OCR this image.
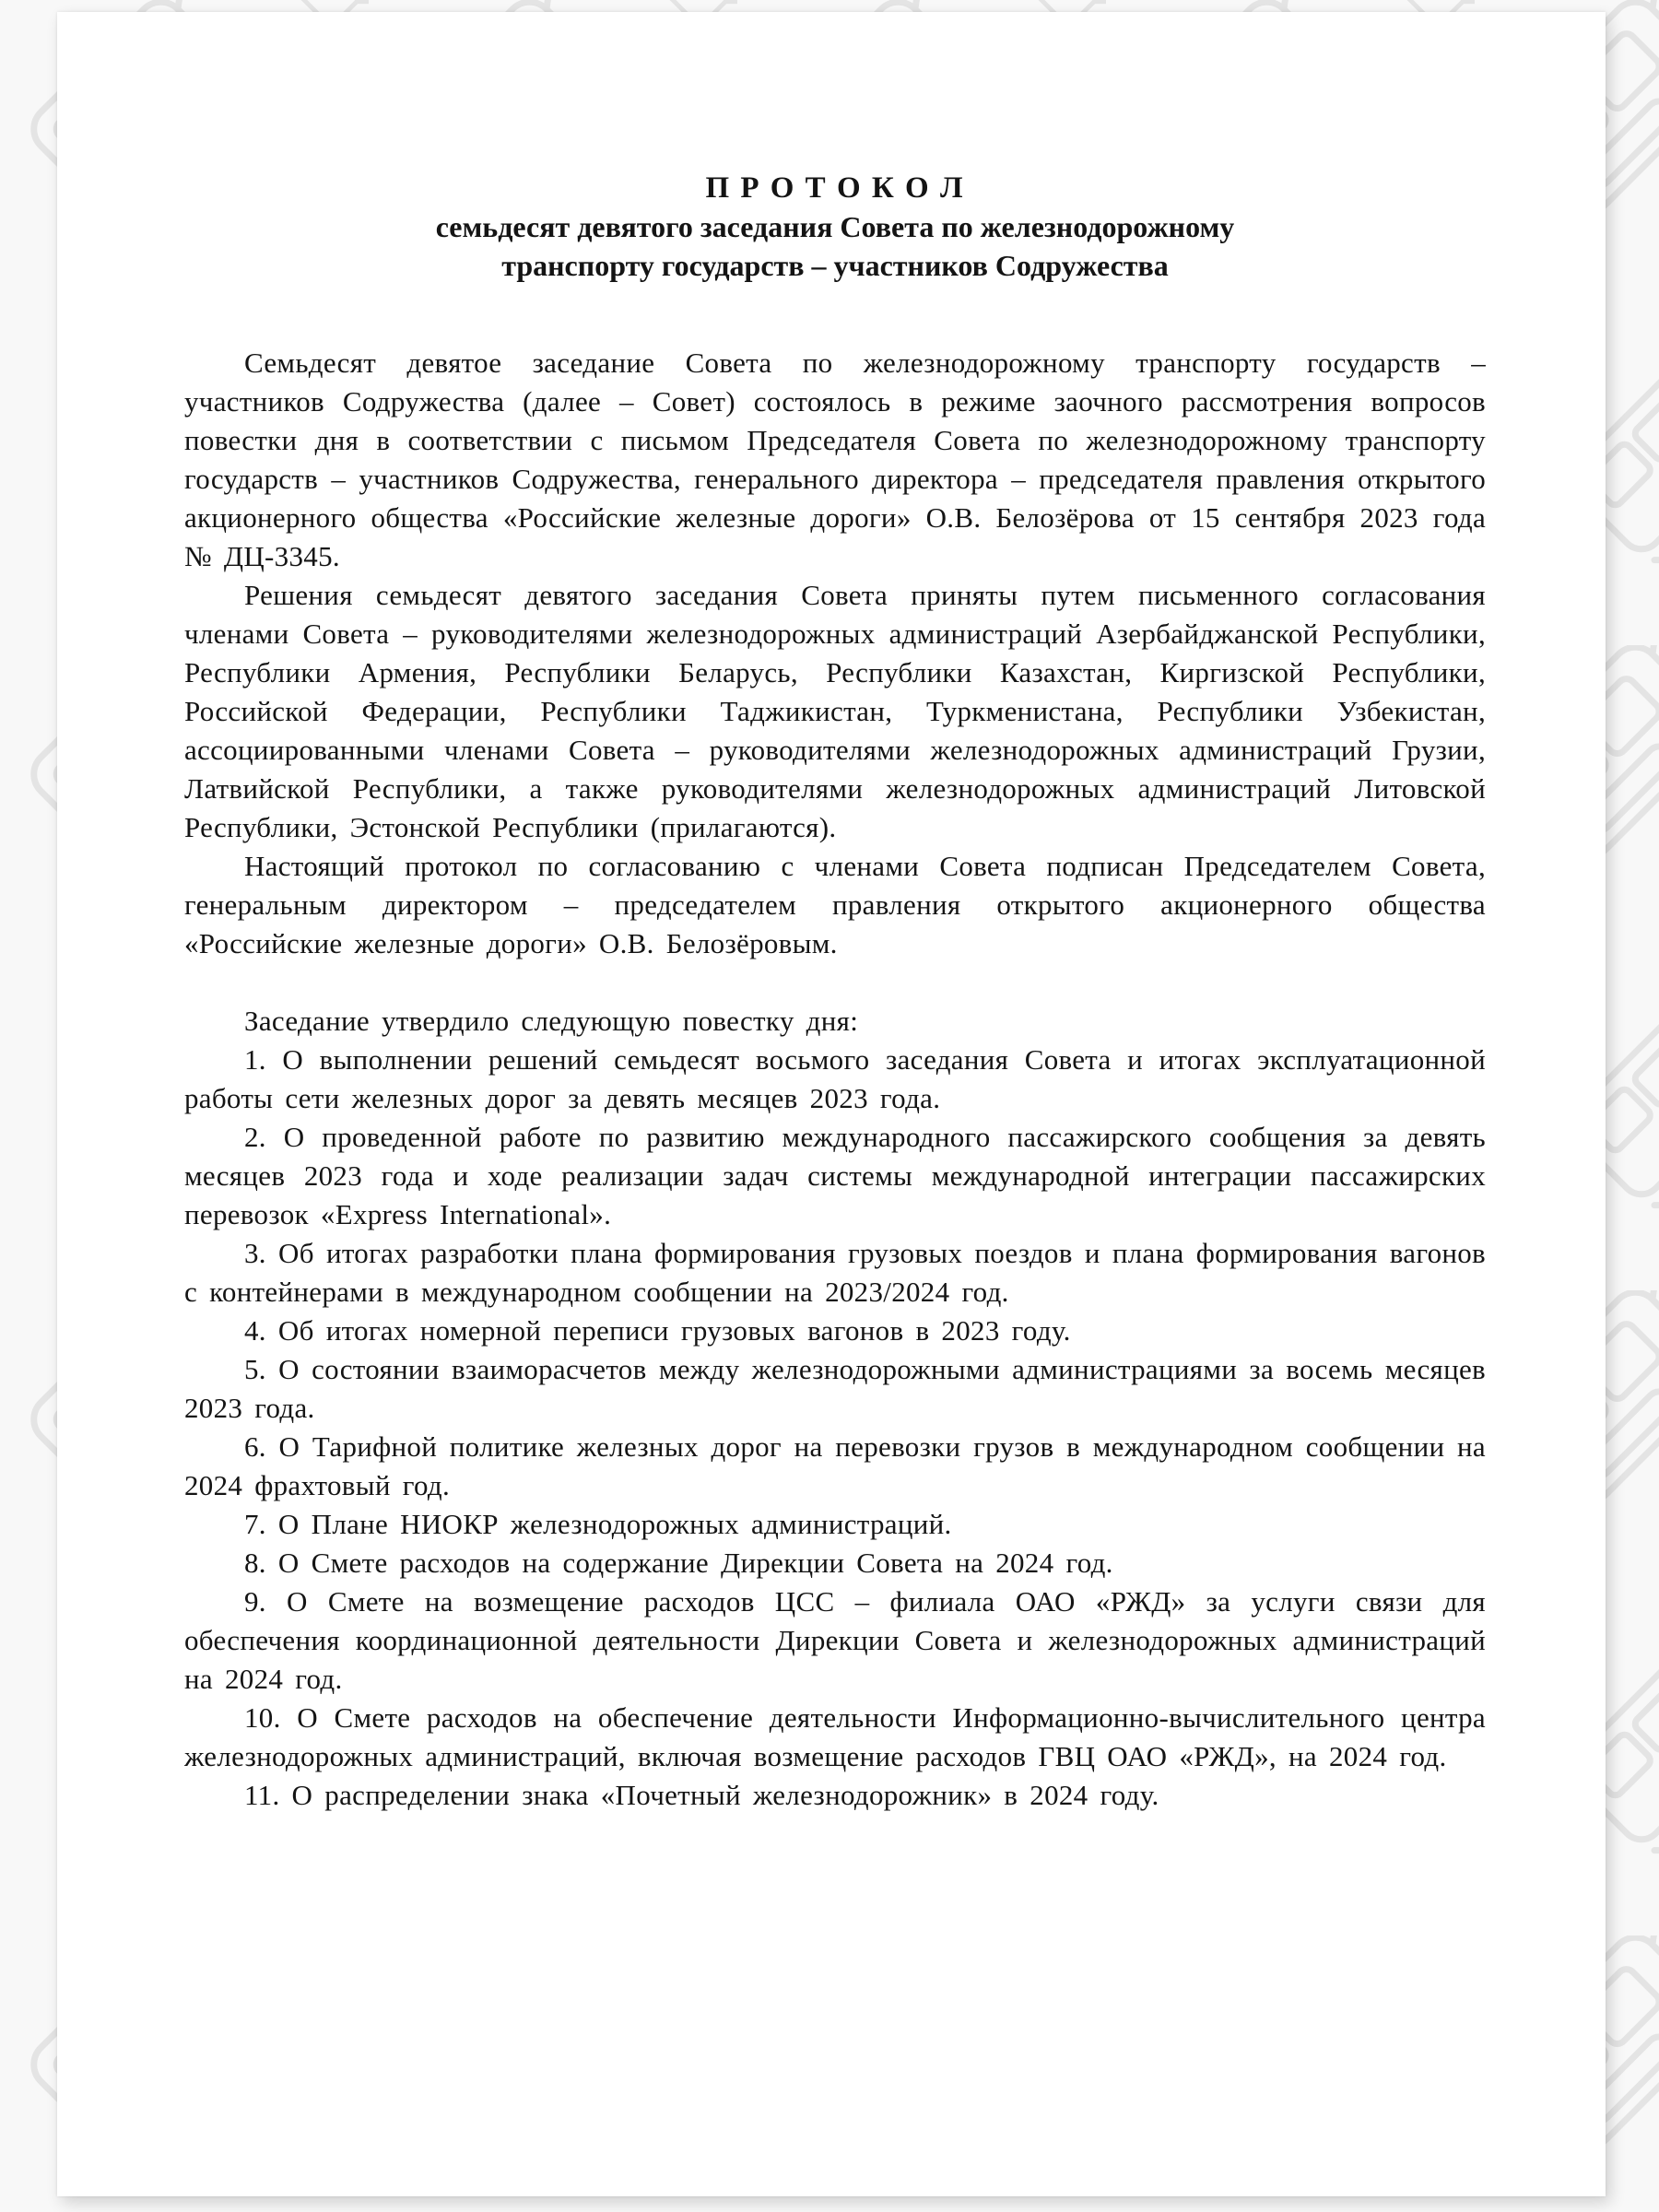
П Р О Т О К О Л
семьдесят девятого заседания Совета по железнодорожному
транспорту государств – участников Содружества

Семьдесят девятое заседание Совета по железнодорожному транспорту государств – участников Содружества (далее – Совет) состоялось в режиме заочного рассмотрения вопросов повестки дня в соответствии с письмом Председателя Совета по железнодорожному транспорту государств – участников Содружества, генерального директора – председателя правления открытого акционерного общества «Российские железные дороги» О.В. Белозёрова от 15 сентября 2023 года № ДЦ-3345.

Решения семьдесят девятого заседания Совета приняты путем письменного согласования членами Совета – руководителями железнодорожных администраций Азербайджанской Республики, Республики Армения, Республики Беларусь, Республики Казахстан, Киргизской Республики, Российской Федерации, Республики Таджикистан, Туркменистана, Республики Узбекистан, ассоциированными членами Совета – руководителями железнодорожных администраций Грузии, Латвийской Республики, а также руководителями железнодорожных администраций Литовской Республики, Эстонской Республики (прилагаются).

Настоящий протокол по согласованию с членами Совета подписан Председателем Совета, генеральным директором – председателем правления открытого акционерного общества «Российские железные дороги» О.В. Белозёровым.

Заседание утвердило следующую повестку дня:

1. О выполнении решений семьдесят восьмого заседания Совета и итогах эксплуатационной работы сети железных дорог за девять месяцев 2023 года.

2. О проведенной работе по развитию международного пассажирского сообщения за девять месяцев 2023 года и ходе реализации задач системы международной интеграции пассажирских перевозок «Express International».

3. Об итогах разработки плана формирования грузовых поездов и плана формирования вагонов с контейнерами в международном сообщении на 2023/2024 год.

4. Об итогах номерной переписи грузовых вагонов в 2023 году.

5. О состоянии взаиморасчетов между железнодорожными администрациями за восемь месяцев 2023 года.

6. О Тарифной политике железных дорог на перевозки грузов в международном сообщении на 2024 фрахтовый год.

7. О Плане НИОКР железнодорожных администраций.

8. О Смете расходов на содержание Дирекции Совета на 2024 год.

9. О Смете на возмещение расходов ЦСС – филиала ОАО «РЖД» за услуги связи для обеспечения координационной деятельности Дирекции Совета и железнодорожных администраций на 2024 год.

10. О Смете расходов на обеспечение деятельности Информационно-вычислительного центра железнодорожных администраций, включая возмещение расходов ГВЦ ОАО «РЖД», на 2024 год.

11. О распределении знака «Почетный железнодорожник» в 2024 году.
